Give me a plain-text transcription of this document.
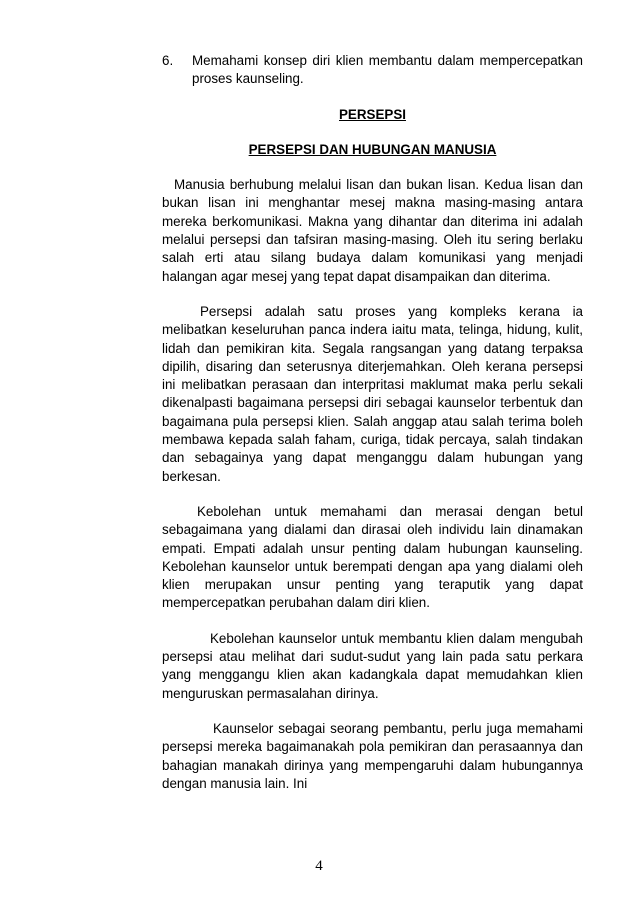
6.	Memahami konsep diri klien membantu dalam mempercepatkan proses kaunseling.

PERSEPSI

PERSEPSI DAN HUBUNGAN MANUSIA

Manusia berhubung melalui lisan dan bukan lisan. Kedua lisan dan bukan lisan ini menghantar mesej makna masing-masing antara mereka berkomunikasi. Makna yang dihantar dan diterima ini adalah melalui persepsi dan tafsiran masing-masing. Oleh itu sering berlaku salah erti atau silang budaya dalam komunikasi yang menjadi halangan agar mesej yang tepat dapat disampaikan dan diterima.

Persepsi adalah satu proses yang kompleks kerana ia melibatkan keseluruhan panca indera iaitu mata, telinga, hidung, kulit, lidah dan pemikiran kita. Segala rangsangan yang datang terpaksa dipilih, disaring dan seterusnya diterjemahkan. Oleh kerana persepsi ini melibatkan perasaan dan interpritasi maklumat maka perlu sekali dikenalpasti bagaimana persepsi diri sebagai kaunselor terbentuk dan bagaimana pula persepsi klien. Salah anggap atau salah terima boleh membawa kepada salah faham, curiga, tidak percaya, salah tindakan dan sebagainya yang dapat menganggu dalam hubungan yang berkesan.

Kebolehan untuk memahami dan merasai dengan betul sebagaimana yang dialami dan dirasai oleh individu lain dinamakan empati. Empati adalah unsur penting dalam hubungan kaunseling. Kebolehan kaunselor untuk berempati dengan apa yang dialami oleh klien merupakan unsur penting yang teraputik yang dapat mempercepatkan perubahan dalam diri klien.

Kebolehan kaunselor untuk membantu klien dalam mengubah persepsi atau melihat dari sudut-sudut yang lain pada satu perkara yang menggangu klien akan kadangkala dapat memudahkan klien menguruskan permasalahan dirinya.

Kaunselor sebagai seorang pembantu, perlu juga memahami persepsi mereka bagaimanakah pola pemikiran dan perasaannya dan bahagian manakah dirinya yang mempengaruhi dalam hubungannya dengan manusia lain. Ini

4
